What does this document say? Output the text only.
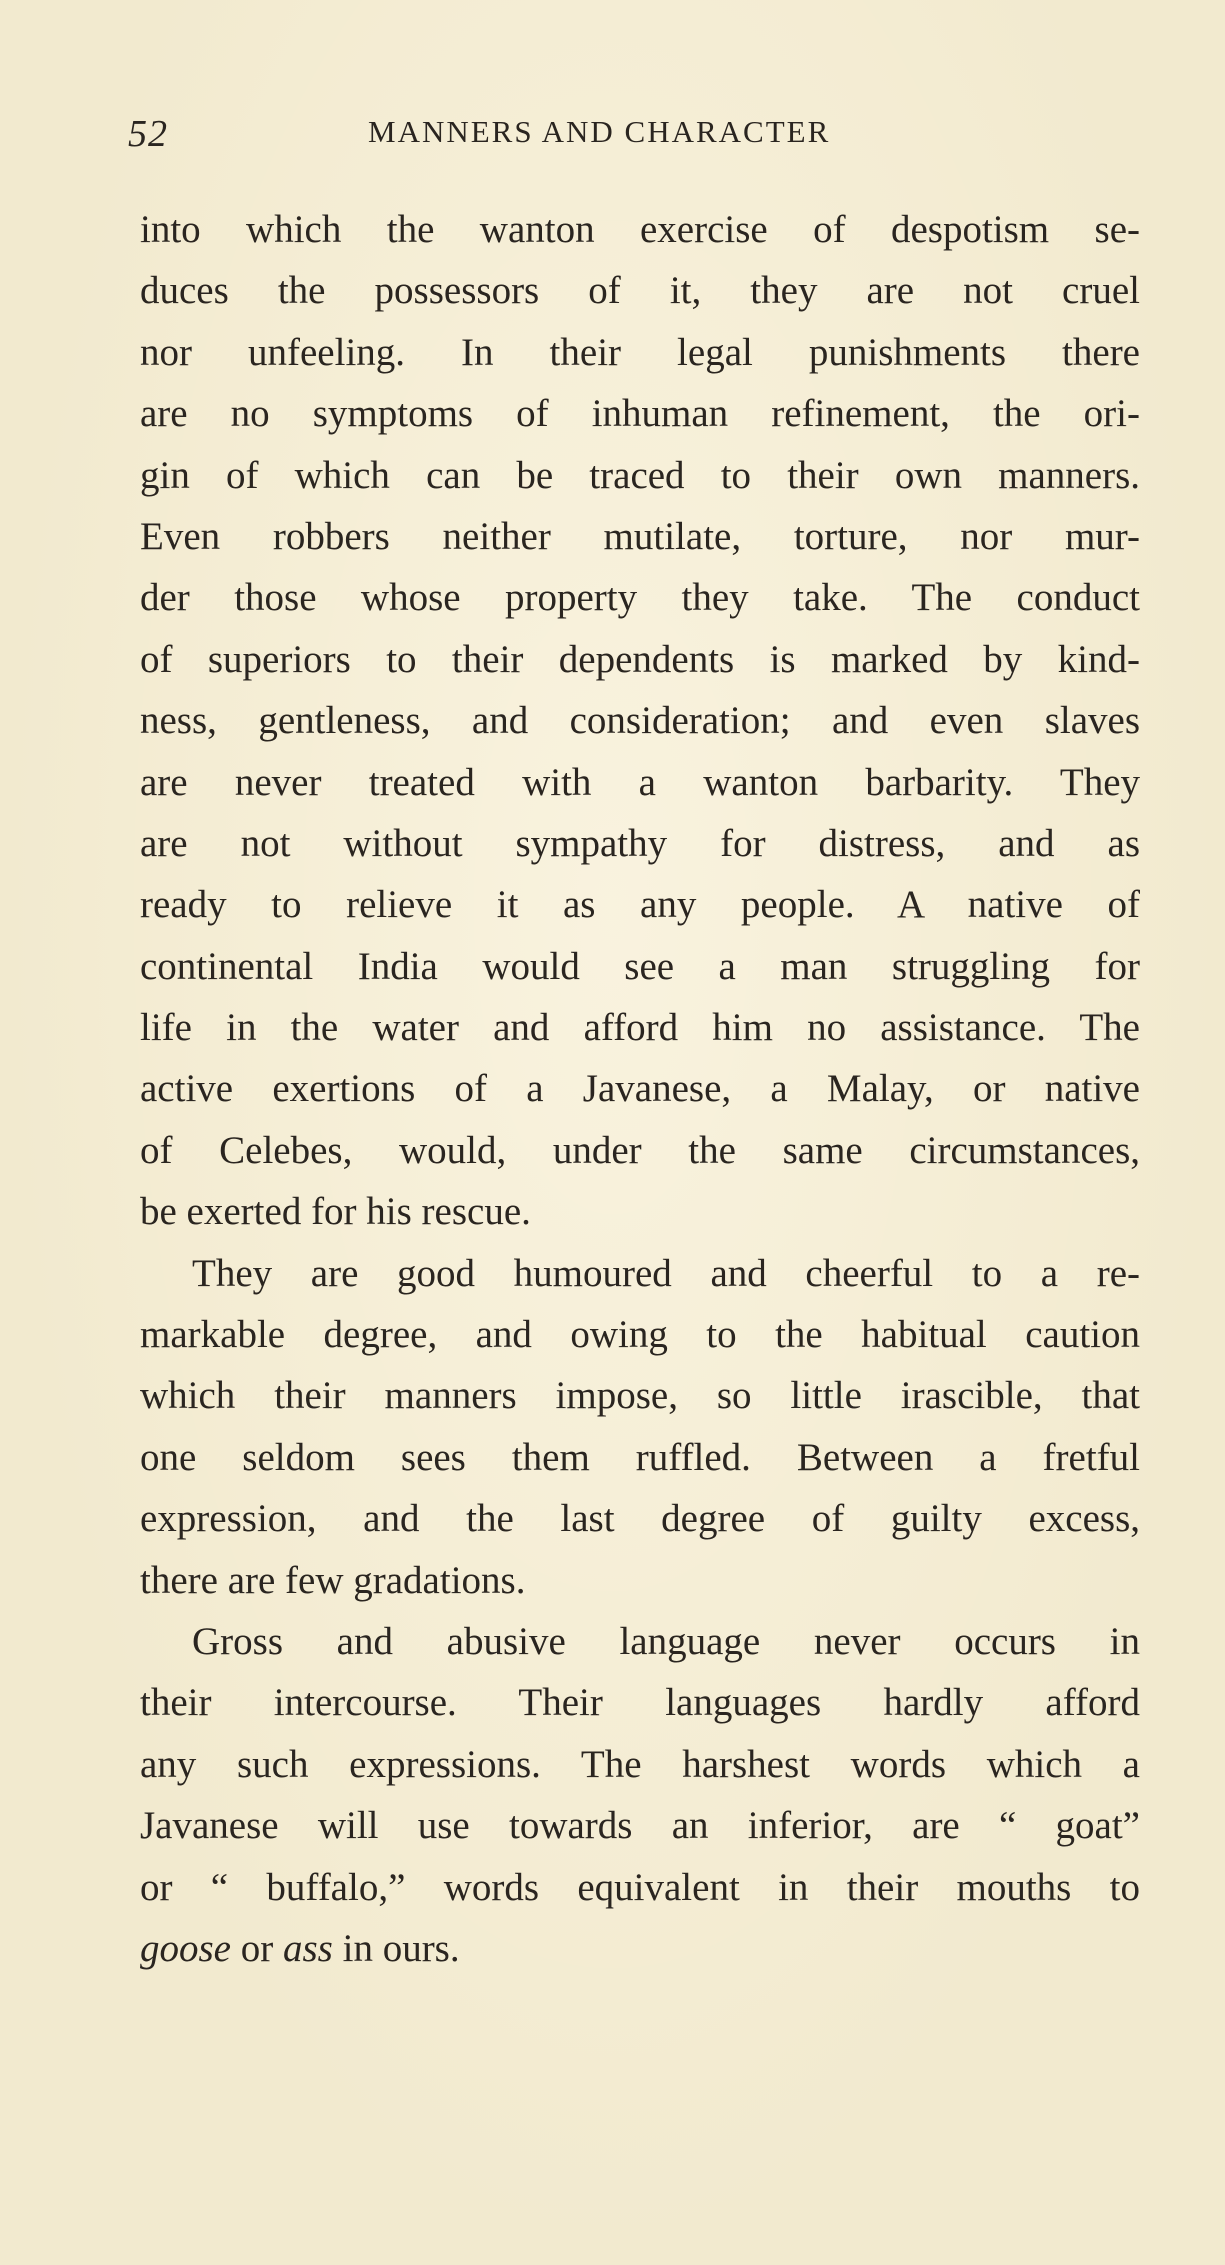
52	MANNERS AND CHARACTER
into which the wanton exercise of despotism se-
duces the possessors of it, they are not cruel
nor unfeeling. In their legal punishments there
are no symptoms of inhuman refinement, the ori-
gin of which can be traced to their own manners.
Even robbers neither mutilate, torture, nor mur-
der those whose property they take. The conduct
of superiors to their dependents is marked by kind-
ness, gentleness, and consideration; and even slaves
are never treated with a wanton barbarity. They
are not without sympathy for distress, and as
ready to relieve it as any people. A native of
continental India would see a man struggling for
life in the water and afford him no assistance. The
active exertions of a Javanese, a Malay, or native
of Celebes, would, under the same circumstances,
be exerted for his rescue.
They are good humoured and cheerful to a re-
markable degree, and owing to the habitual caution
which their manners impose, so little irascible, that
one seldom sees them ruffled. Between a fretful
expression, and the last degree of guilty excess,
there are few gradations.
Gross and abusive language never occurs in
their intercourse. Their languages hardly afford
any such expressions. The harshest words which a
Javanese will use towards an inferior, are “ goat”
or “ buffalo,” words equivalent in their mouths to
goose or ass in ours.
